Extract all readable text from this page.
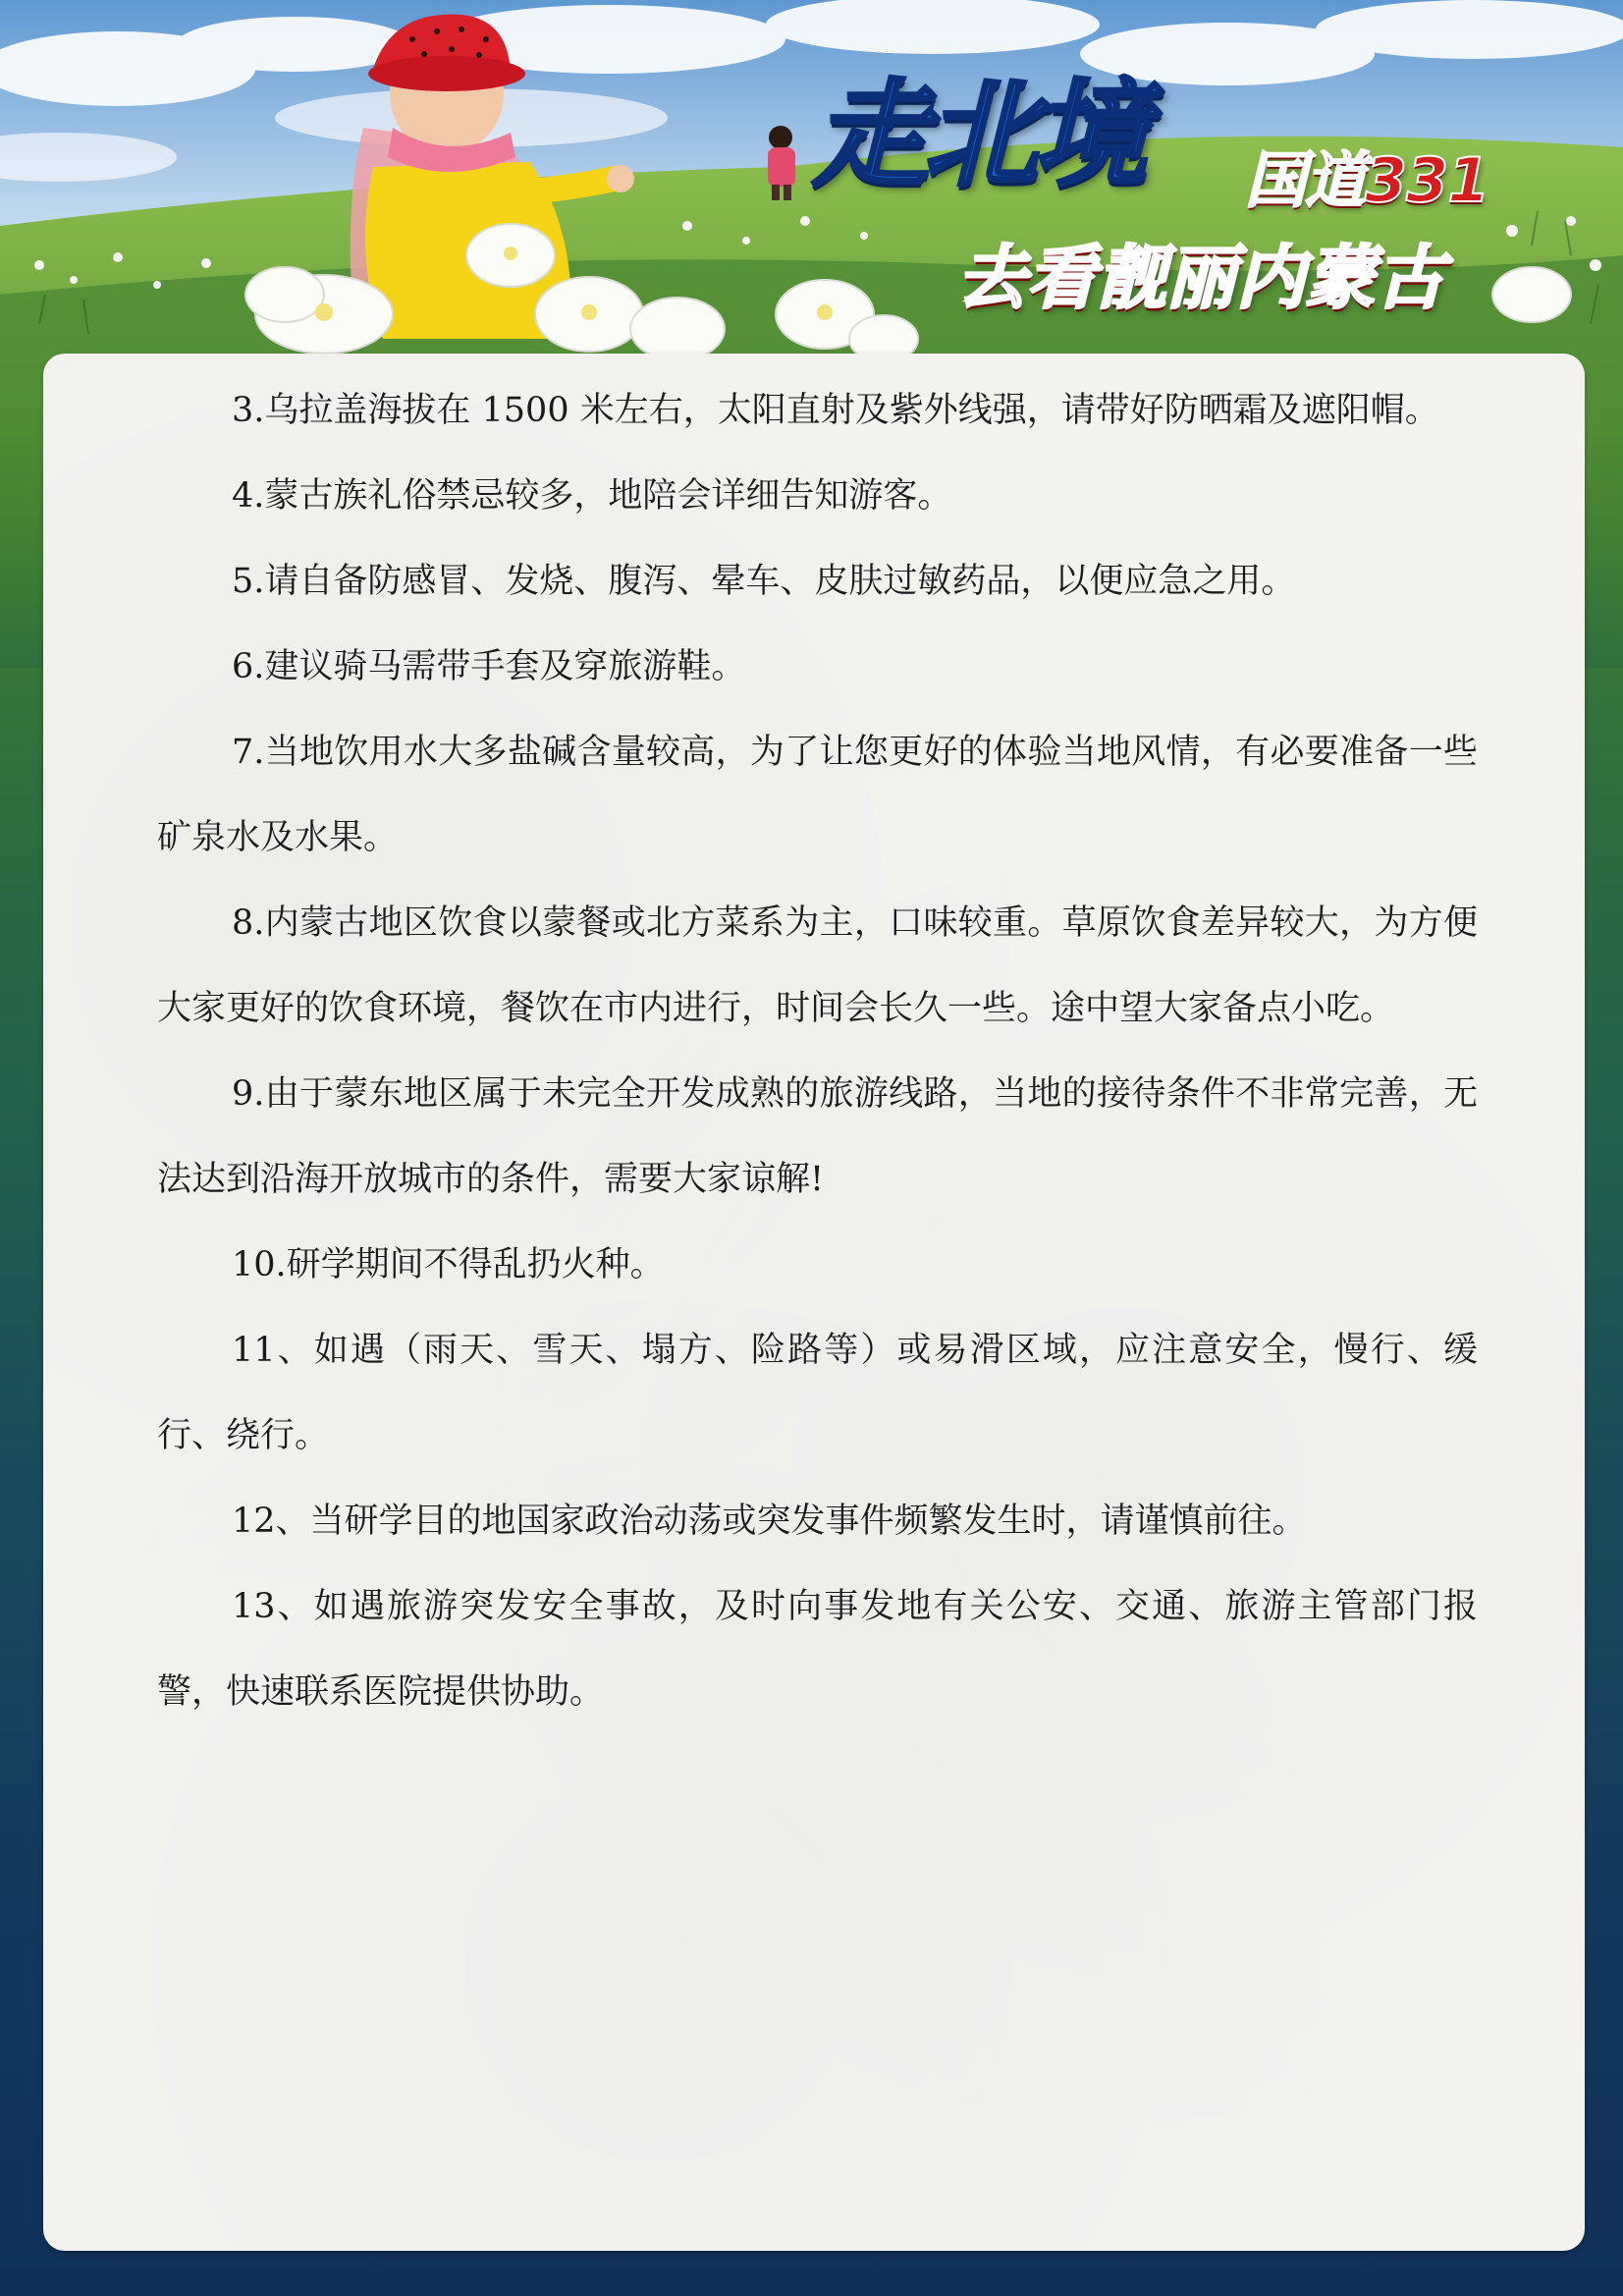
走北境 国道331
去看靓丽内蒙古

3.乌拉盖海拔在 1500 米左右，太阳直射及紫外线强，请带好防晒霜及遮阳帽。

4.蒙古族礼俗禁忌较多，地陪会详细告知游客。

5.请自备防感冒、发烧、腹泻、晕车、皮肤过敏药品，以便应急之用。

6.建议骑马需带手套及穿旅游鞋。

7.当地饮用水大多盐碱含量较高，为了让您更好的体验当地风情，有必要准备一些矿泉水及水果。

8.内蒙古地区饮食以蒙餐或北方菜系为主，口味较重。草原饮食差异较大，为方便大家更好的饮食环境，餐饮在市内进行，时间会长久一些。途中望大家备点小吃。

9.由于蒙东地区属于未完全开发成熟的旅游线路，当地的接待条件不非常完善，无法达到沿海开放城市的条件，需要大家谅解!

10.研学期间不得乱扔火种。

11、如遇（雨天、雪天、塌方、险路等）或易滑区域，应注意安全，慢行、缓行、绕行。

12、当研学目的地国家政治动荡或突发事件频繁发生时，请谨慎前往。

13、如遇旅游突发安全事故，及时向事发地有关公安、交通、旅游主管部门报警，快速联系医院提供协助。
